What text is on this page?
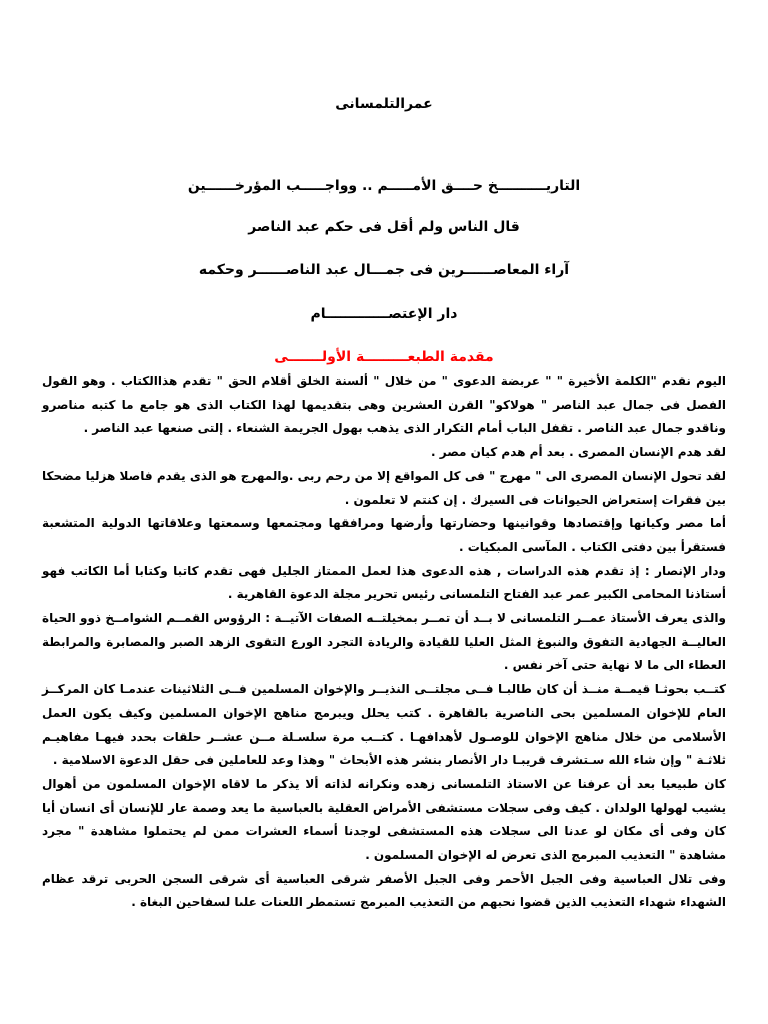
عمرالتلمسانى
التاريــــــــــخ حــــق الأمـــــم .. وواجـــــب المؤرخــــــين
قال الناس ولم أقل فى حكم عبد الناصر
آراء المعاصــــــرين فى جمـــال عبد الناصــــــر وحكمه
دار الإعتصـــــــــــــام
مقدمة الطبعـــــــــة الأولـــــــى

اليوم نقدم "الكلمة الأخيرة " " عربضة الدعوى " من خلال " ألسنة الخلق أقلام الحق " تقدم هذاالكتاب . وهو القول الفصل فى جمال عبد الناصر " هولاكو" القرن العشرين وهى بتقديمها لهذا الكتاب الذى هو جامع ما كتبه مناصرو وناقدو جمال عبد الناصر . تقفل الباب أمام التكرار الذى يذهب بهول الجريمة الشنعاء . إلتى صنعها عبد الناصر .

لقد هدم الإنسان المصرى . بعد أم هدم كيان مصر .

لقد تحول الإنسان المصرى الى " مهرج " فى كل المواقع إلا من رحم ربى .والمهرج هو الذى يقدم فاصلا هزليا مضحكا بين فقرات إستعراض الحيوانات فى السيرك . إن كنتم لا تعلمون .

أما مصر وكيانها وإقتصادها وقوانينها وحضارتها وأرضها ومرافقها ومجتمعها وسمعتها وعلاقاتها الدولية المتشعبة فستقرأ بين دفتى الكتاب . المآسى المبكيات .

ودار الإنصار : إذ تقدم هذه الدراسات , هذه الدعوى هذا لعمل الممتاز الجليل فهى تقدم كاتبا وكتابا أما الكاتب فهو أستاذنا المحامى الكبير عمر عبد الفتاح التلمسانى رئيس تحرير مجلة الدعوة القاهرية .

والذى يعرف الأستاذ عمــر التلمسانى لا بــد أن تمــر بمخيلتــه الصفات الآتيــة : الرؤوس القمــم الشوامــخ ذوو الحياة العاليــة الجهادية التفوق والنبوغ المثل العليا للقيادة والريادة التجرد الورع التقوى الزهد الصبر والمصابرة والمرابطة العطاء الى ما لا نهاية حتى آخر نفس .

كتــب بحوثـا قيمــة منــذ أن كان طالبـا فــى مجلتــى النذيــر والإخوان المسلمين فــى الثلاثينات عندمـا كان المركــز العام للإخوان المسلمين بحى الناصرية بالقاهرة . كتب يحلل ويبرمج مناهج الإخوان المسلمين وكيف يكون العمل الأسلامى من خلال مناهج الإخوان للوصـول لأهدافهـا . كتــب مرة سلسـلة مــن عشــر حلقات بحدد فيهـا مفاهيـم ثلاثـة " وإن شاء الله سـتشرف قريبـا دار الأنصار بنشر هذه الأبحاث " وهذا وعد للعاملين فى حقل الدعوة الاسلامية .

كان طبيعيا بعد أن عرفنا عن الاستاذ التلمسانى زهده ونكرانه لذاته ألا يذكر ما لاقاه الإخوان المسلمون من أهوال يشيب لهولها الولدان . كيف وفى سجلات مستشفى الأمراض العقلية بالعباسية ما يعد وصمة عار للإنسان أى انسان أيا كان وفى أى مكان لو عدنا الى سجلات هذه المستشفى لوجدنا أسماء العشرات ممن لم يحتملوا مشاهدة " مجرد مشاهدة " التعذيب المبرمج الذى تعرض له الإخوان المسلمون .

وفى تلال العباسية وفى الجبل الأحمر وفى الجبل الأصفر شرقى العباسية أى شرقى السجن الحربى ترقد عظام الشهداء شهداء التعذيب الذين قضوا نحبهم من التعذيب المبرمج تستمطر اللعنات علىا لسفاحين البغاة .
